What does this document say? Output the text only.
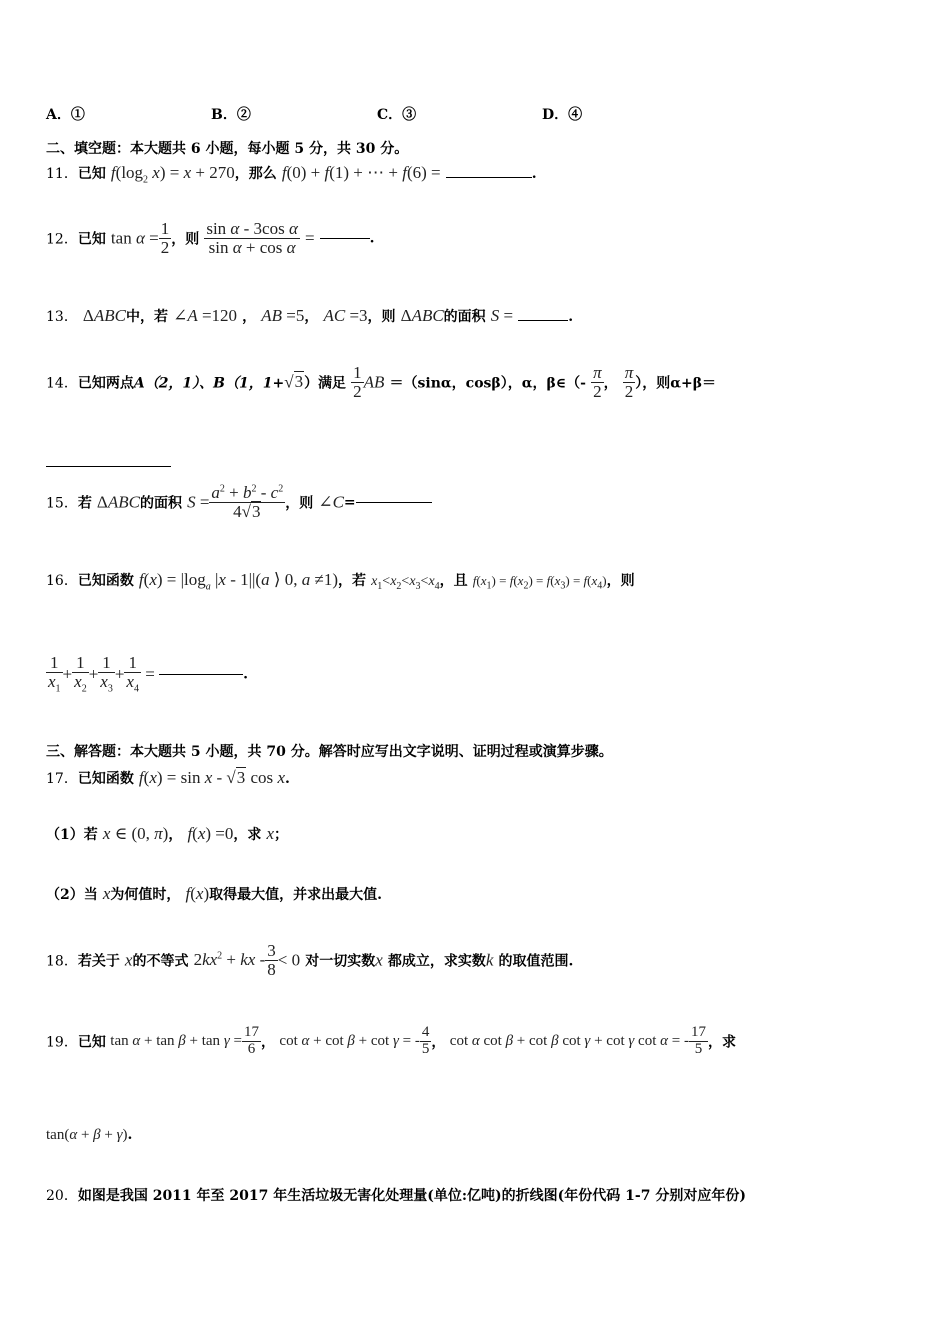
A．①	B．②	C．③	D．④
二、填空题：本大题共 6 小题，每小题 5 分，共 30 分。
11．已知 $f(\log_2$ x) = x + 270，那么 f(0) + f(1) + ⋯ + f(6) =	.
12．已知 $\tan \alpha = \frac{1}{2}$ ，则 $\frac{\text{sin α - 3cos α}}{\text{sin α + cos α}}$ =	.
13． ΔABC中，若 ∠A =120 ， AB =5， AC =3，则 ΔABC的面积 S =	.
14．已知两点A（2，1）、B（1，1+√3）满足 $\frac{1}{2}$ AB ＝（sinα，cosβ），α，β∈（- $\frac{\pi}{2}$ ， $\frac{\pi}{2}$ ），则α+β＝
15．若 ΔABC的面积 $S = \frac{a^2 + b^2 - c^2}{4√3}$ ，则 ∠C=
16．已知函数 $f(x) = |\log_a$ |x - 1||(a ⟩ 0, a ≠1)，若 $x_1<x_2<x_3<x_4$，且 $f(x_1) = f(x_2) = f(x_3) = f(x_4)$，则
$\frac{1}{x_1} + \frac{1}{x_2} + \frac{1}{x_3} + \frac{1}{x_4}$ =	.
三、解答题：本大题共 5 小题，共 70 分。解答时应写出文字说明、证明过程或演算步骤。
17．已知函数 f(x) = sin x - √3 cos x.
（1）若 x ∈ (0, π)， f(x) =0，求 x；
（2）当 x为何值时， f(x)取得最大值，并求出最大值.
18．若关于 x的不等式 $2kx^2$ + kx - $\frac{3}{8} < 0$ 对一切实数x 都成立，求实数k 的取值范围.
19．已知 $\tan \alpha + \tan \beta + \tan \gamma = \frac{17}{6}$ ， cot α + cot β + cot γ = - $\frac{4}{5}$ ， cot α cot β + cot β cot γ + cot γ cot α = - $\frac{17}{5}$ ，求
tan(α + β + γ).
20．如图是我国 2011 年至 2017 年生活垃圾无害化处理量(单位:亿吨)的折线图(年份代码 1-7 分别对应年份)
